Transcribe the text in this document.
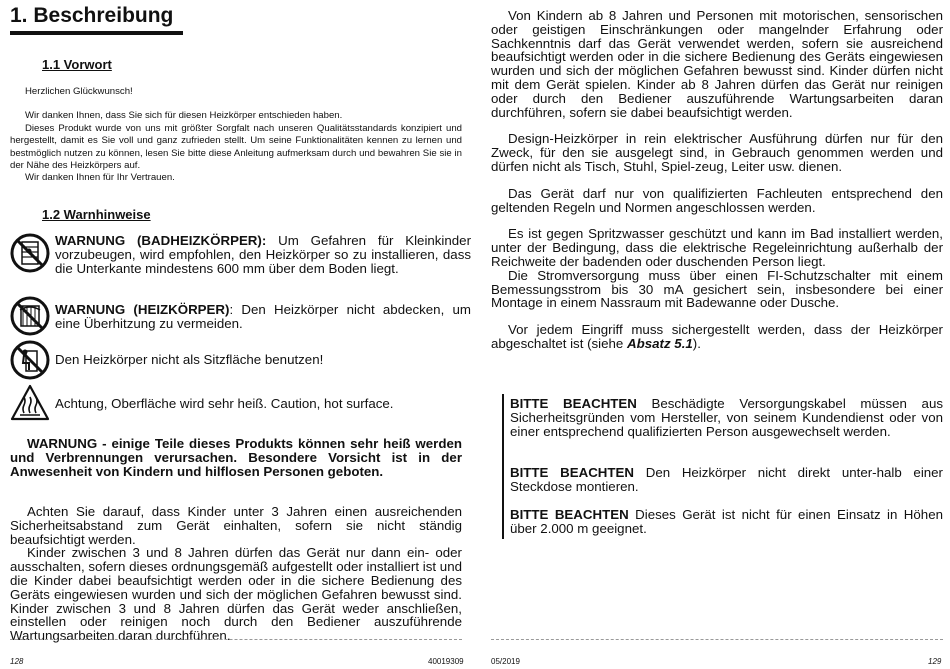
1. Beschreibung
1.1 Vorwort

Herzlichen Glückwunsch!

Wir danken Ihnen, dass Sie sich für diesen Heizkörper entschieden haben.

Dieses Produkt wurde von uns mit größter Sorgfalt nach unseren Qualitätsstandards konzipiert und hergestellt, damit es Sie voll und ganz zufrieden stellt. Um seine Funktionalitäten kennen zu lernen und bestmöglich nutzen zu können, lesen Sie bitte diese Anleitung aufmerksam durch und bewahren Sie sie in der Nähe des Heizkörpers auf.

Wir danken Ihnen für Ihr Vertrauen.

1.2 Warnhinweise
WARNUNG (BADHEIZKÖRPER): Um Gefahren für Kleinkinder vorzubeugen, wird empfohlen, den Heizkörper so zu installieren, dass die Unterkante mindestens 600 mm über dem Boden liegt.
WARNUNG (HEIZKÖRPER): Den Heizkörper nicht abdecken, um eine Überhitzung zu vermeiden.
Den Heizkörper nicht als Sitzfläche benutzen!
Achtung, Oberfläche wird sehr heiß. Caution, hot surface.

WARNUNG - einige Teile dieses Produkts können sehr heiß werden und Verbrennungen verursachen. Besondere Vorsicht ist in der Anwesenheit von Kindern und hilflosen Personen geboten.

Achten Sie darauf, dass Kinder unter 3 Jahren einen ausreichenden Sicherheitsabstand zum Gerät einhalten, sofern sie nicht ständig beaufsichtigt werden.

Kinder zwischen 3 und 8 Jahren dürfen das Gerät nur dann ein- oder ausschalten, sofern dieses ordnungsgemäß aufgestellt oder installiert ist und die Kinder dabei beaufsichtigt werden oder in die sichere Bedienung des Geräts eingewiesen wurden und sich der möglichen Gefahren bewusst sind. Kinder zwischen 3 und 8 Jahren dürfen das Gerät weder anschließen, einstellen oder reinigen noch durch den Bediener auszuführende Wartungsarbeiten daran durchführen.

128	40019309

Von Kindern ab 8 Jahren und Personen mit motorischen, sensorischen oder geistigen Einschränkungen oder mangelnder Erfahrung oder Sachkenntnis darf das Gerät verwendet werden, sofern sie ausreichend beaufsichtigt werden oder in die sichere Bedienung des Geräts eingewiesen wurden und sich der möglichen Gefahren bewusst sind. Kinder dürfen nicht mit dem Gerät spielen. Kinder ab 8 Jahren dürfen das Gerät nur reinigen oder durch den Bediener auszuführende Wartungsarbeiten daran durchführen, sofern sie dabei beaufsichtigt werden.

Design-Heizkörper in rein elektrischer Ausführung dürfen nur für den Zweck, für den sie ausgelegt sind, in Gebrauch genommen werden und dürfen nicht als Tisch, Stuhl, Spiel-zeug, Leiter usw. dienen.

Das Gerät darf nur von qualifizierten Fachleuten entsprechend den geltenden Regeln und Normen angeschlossen werden.

Es ist gegen Spritzwasser geschützt und kann im Bad installiert werden, unter der Bedingung, dass die elektrische Regeleinrichtung außerhalb der Reichweite der badenden oder duschenden Person liegt.

Die Stromversorgung muss über einen FI-Schutzschalter mit einem Bemessungsstrom bis 30 mA gesichert sein, insbesondere bei einer Montage in einem Nassraum mit Badewanne oder Dusche.

Vor jedem Eingriff muss sichergestellt werden, dass der Heizkörper abgeschaltet ist (siehe Absatz 5.1).

BITTE BEACHTEN Beschädigte Versorgungskabel müssen aus Sicherheitsgründen vom Hersteller, von seinem Kundendienst oder von einer entsprechend qualifizierten Person ausgewechselt werden.
BITTE BEACHTEN Den Heizkörper nicht direkt unter-halb einer Steckdose montieren.
BITTE BEACHTEN Dieses Gerät ist nicht für einen Einsatz in Höhen über 2.000 m geeignet.
05/2019	129
